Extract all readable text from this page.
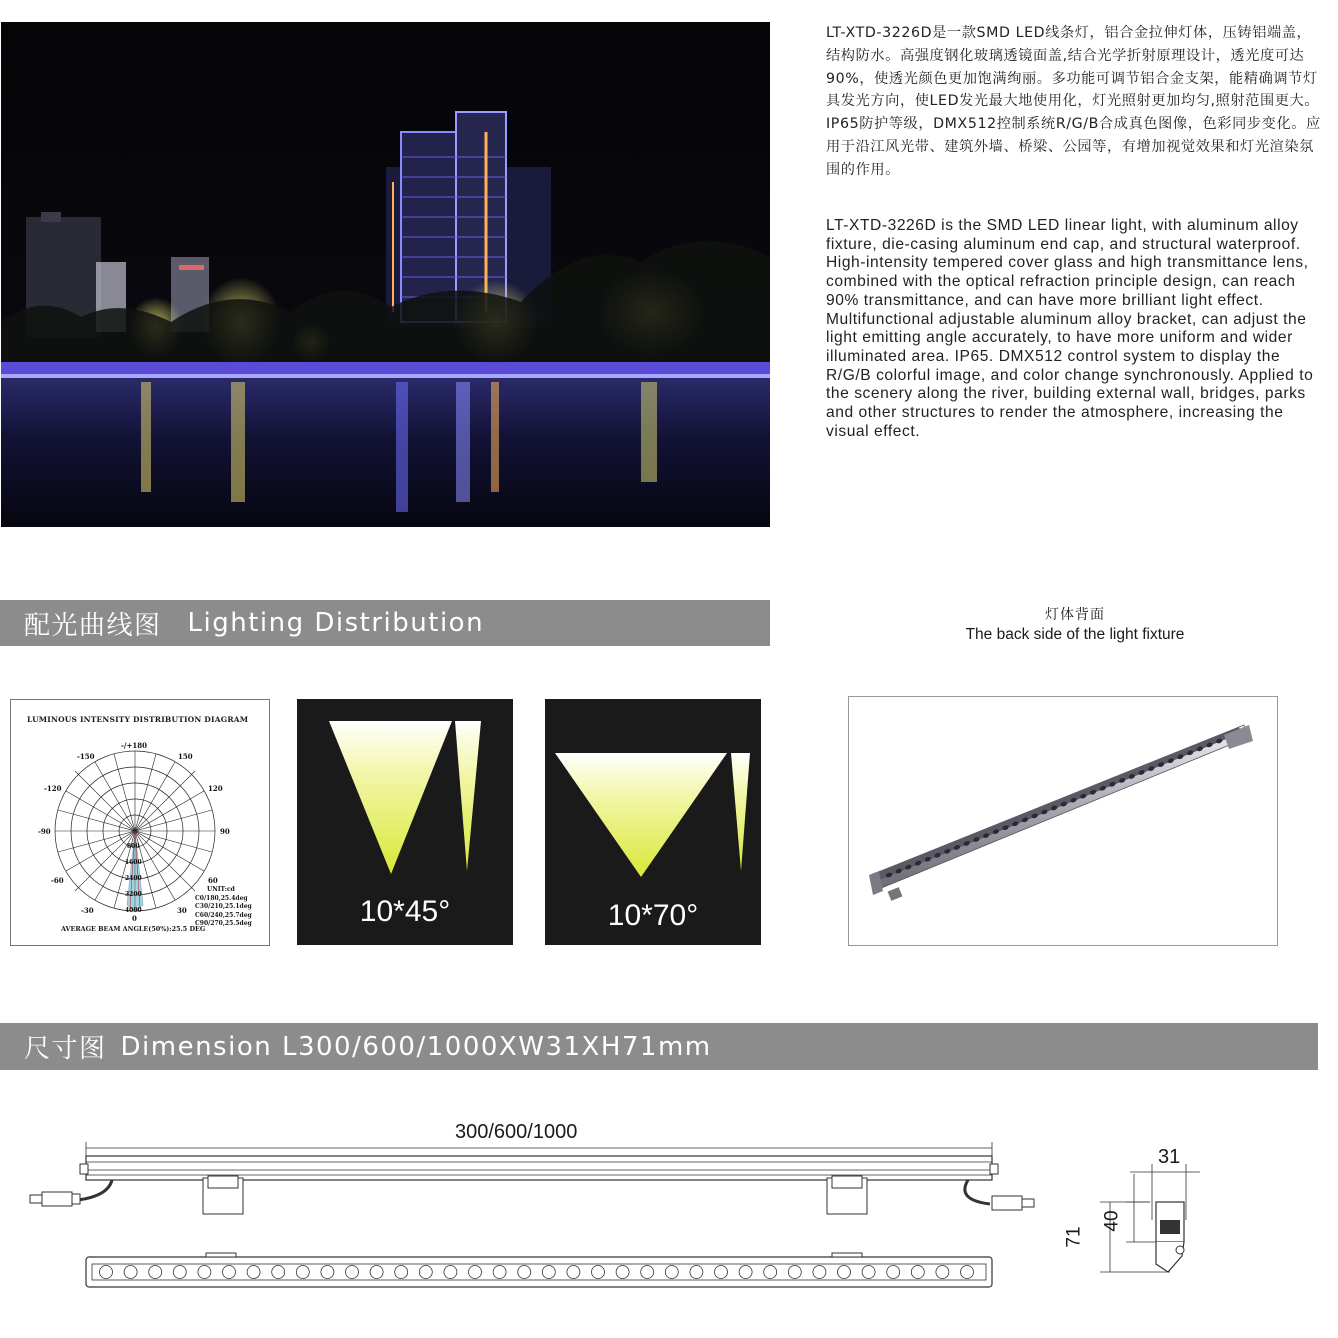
LT-XTD-3226D是一款SMD LED线条灯，铝合金拉伸灯体，压铸铝端盖，结构防水。高强度钢化玻璃透镜面盖,结合光学折射原理设计，透光度可达90%，使透光颜色更加饱满绚丽。多功能可调节铝合金支架，能精确调节灯具发光方向，使LED发光最大地使用化，灯光照射更加均匀,照射范围更大。IP65防护等级，DMX512控制系统R/G/B合成真色图像，色彩同步变化。应用于沿江风光带、建筑外墙、桥梁、公园等，有增加视觉效果和灯光渲染氛围的作用。
LT-XTD-3226D is the SMD LED linear light, with aluminum alloy fixture, die-casing aluminum end cap, and structural waterproof. High-intensity tempered cover glass and high transmittance lens, combined with the optical refraction principle design, can reach 90% transmittance, and can have more brilliant light effect. Multifunctional adjustable aluminum alloy bracket, can adjust the light emitting angle accurately, to have more uniform and wider illuminated area. IP65. DMX512 control system to display the R/G/B colorful image, and color change synchronously. Applied to the scenery along the river, building external wall, bridges, parks and other structures to render the atmosphere, increasing the visual effect.
配光曲线图 Lighting Distribution	灯体背面
The back side of the light fixture
LUMINOUS INTENSITY DISTRIBUTION DIAGRAM
-/+180
-150	150
-120	120
-90	90
-60	60
-30	30
0
800
1600
2400
3200
4000
UNIT:cd
C0/180,25.4deg
C30/210,25.1deg
C60/240,25.7deg
C90/270,25.5deg
AVERAGE BEAM ANGLE(50%):25.5 DEG
10*45°	10*70°
尺寸图 Dimension L300/600/1000XW31XH71mm
300/600/1000
31
40
71
